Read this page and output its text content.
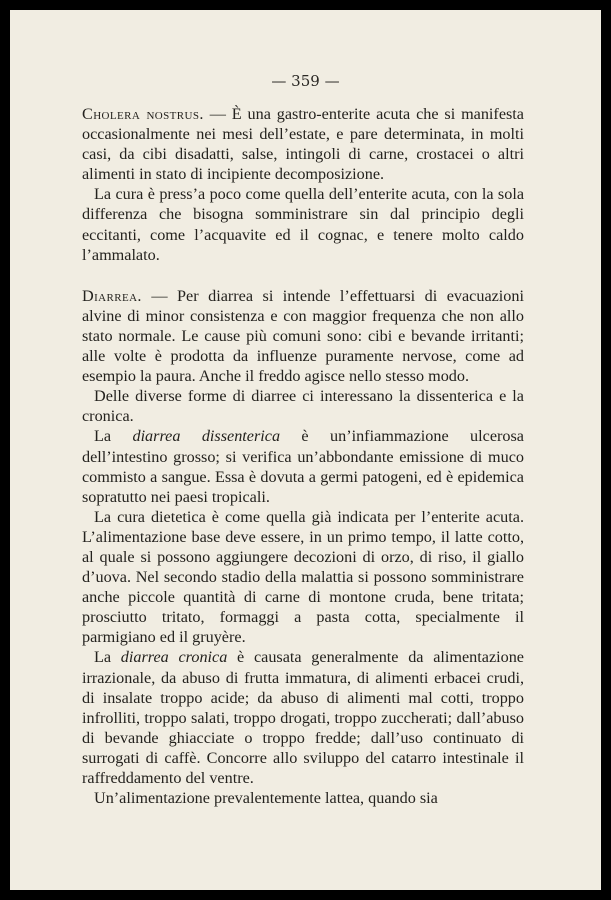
— 359 —

Cholera nostrus. — È una gastro-enterite acuta che si manifesta occasionalmente nei mesi dell’estate, e pare determinata, in molti casi, da cibi disadatti, salse, intingoli di carne, crostacei o altri alimenti in stato di incipiente decomposizione.

La cura è press’a poco come quella dell’enterite acuta, con la sola differenza che bisogna somministrare sin dal principio degli eccitanti, come l’acquavite ed il cognac, e tenere molto caldo l’ammalato.

Diarrea. — Per diarrea si intende l’effettuarsi di evacuazioni alvine di minor consistenza e con maggior frequenza che non allo stato normale. Le cause più comuni sono: cibi e bevande irritanti; alle volte è prodotta da influenze puramente nervose, come ad esempio la paura. Anche il freddo agisce nello stesso modo.

Delle diverse forme di diarree ci interessano la dissenterica e la cronica.

La diarrea dissenterica è un’infiammazione ulcerosa dell’intestino grosso; si verifica un’abbondante emissione di muco commisto a sangue. Essa è dovuta a germi patogeni, ed è epidemica sopratutto nei paesi tropicali.

La cura dietetica è come quella già indicata per l’enterite acuta. L’alimentazione base deve essere, in un primo tempo, il latte cotto, al quale si possono aggiungere decozioni di orzo, di riso, il giallo d’uova. Nel secondo stadio della malattia si possono somministrare anche piccole quantità di carne di montone cruda, bene tritata; prosciutto tritato, formaggi a pasta cotta, specialmente il parmigiano ed il gruyère.

La diarrea cronica è causata generalmente da alimentazione irrazionale, da abuso di frutta immatura, di alimenti erbacei crudi, di insalate troppo acide; da abuso di alimenti mal cotti, troppo infrolliti, troppo salati, troppo drogati, troppo zuccherati; dall’abuso di bevande ghiacciate o troppo fredde; dall’uso continuato di surrogati di caffè. Concorre allo sviluppo del catarro intestinale il raffreddamento del ventre.

Un’alimentazione prevalentemente lattea, quando sia
